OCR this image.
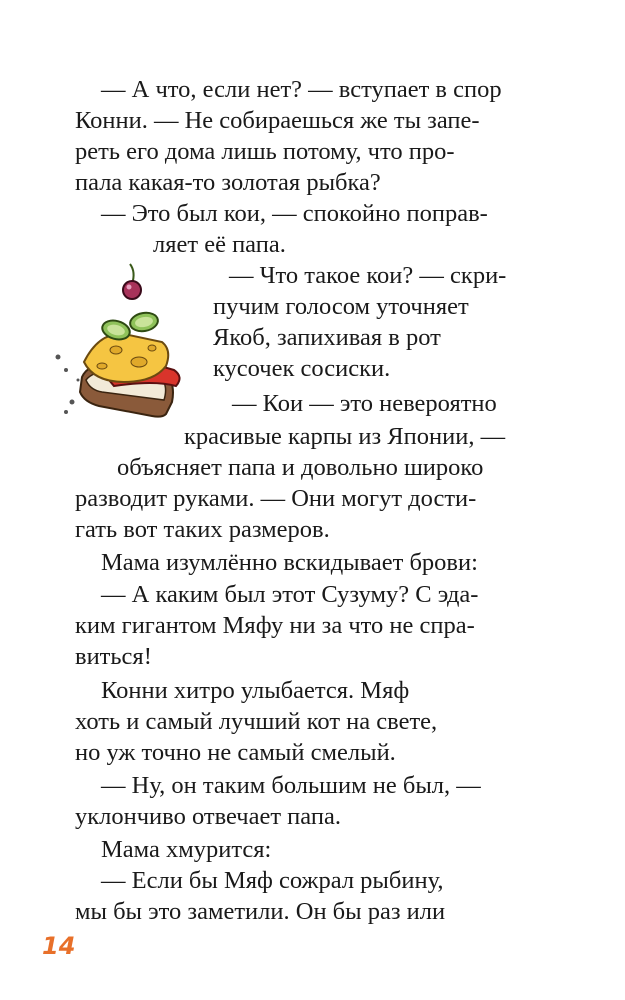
— А что, если нет? — вступает в спор
Конни. — Не собираешься же ты запе-
реть его дома лишь потому, что про-
пала какая-то золотая рыбка?
— Это был кои, — спокойно поправ-
ляет её папа.
— Что такое кои? — скри-
пучим голосом уточняет
Якоб, запихивая в рот
кусочек сосиски.
— Кои — это невероятно
красивые карпы из Японии, —
объясняет папа и довольно широко
разводит руками. — Они могут дости-
гать вот таких размеров.
Мама изумлённо вскидывает брови:
— А каким был этот Сузуму? С эда-
ким гигантом Мяфу ни за что не спра-
виться!
Конни хитро улыбается. Мяф
хоть и самый лучший кот на свете,
но уж точно не самый смелый.
— Ну, он таким большим не был, —
уклончиво отвечает папа.
Мама хмурится:
— Если бы Мяф сожрал рыбину,
мы бы это заметили. Он бы раз или
14
